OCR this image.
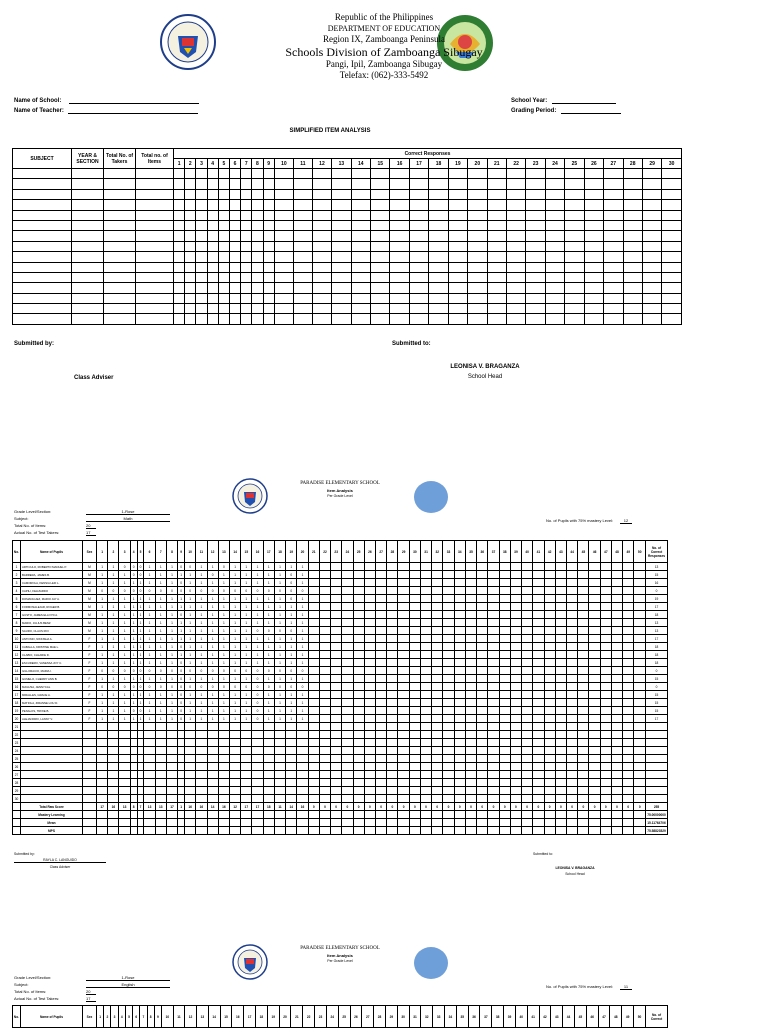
Republic of the Philippines
DEPARTMENT OF EDUCATION
Region IX, Zamboanga Peninsula
Schools Division of Zamboanga Sibugay
Pangi, Ipil, Zamboanga Sibugay
Telefax: (062)-333-5492
Name of School:
Name of Teacher:
School Year:
Grading Period:
SIMPLIFIED ITEM ANALYSIS
SUBJECT	YEAR & SECTION	Total No. of Takers	Total no. of Items	Correct Responses																													
				1	2	3	4	5	6	7	8	9	10	11	12	13	14	15	16	17	18	19	20	21	22	23	24	25	26	27	28	29	30

Submitted by:	Submitted to:
LEONISA V. BRAGANZA
School Head
Class Adviser
PARADISE ELEMENTARY SCHOOL
Item Analysis
Per Grade Level
Grade Level/Section:	1-Rose
Subject:	Math
Total No. of Items:	20
Actual No. of Test Takers:	17
No. of Pupils with 75% mastery Level:	12
No.	Name of Pupils	Sex	1	2	3	4	5	6	7	8	9	10	11	12	13	14	15	16	17	18	19	20	21	22	23	24	25	26	27	28	29	30	31	32	33	34	35	36	37	38	39	40	41	42	43	44	45	46	47	48	49	50	No. of Correct Responses
1	ARTICULO, ROBERTO MANUEL P.	M	1	1	0	0	0	1	1	1	0	0	1	1	0	1	1	1	1	1	1	1																															13
2	BARRERA, JAMES B.	M	1	1	1	0	0	1	1	1	1	1	1	0	1	1	1	1	1	1	0	1																															15
3	CAMOROLA, KENSIA LEIF L.	M	1	1	1	1	1	1	1	1	0	1	1	1	1	1	1	1	1	1	0	1																															16
4	CAPILI, FELIZARDO	M	0	0	0	0	0	0	0	0	0	0	0	0	0	0	0	0	0	0	0	0																															0
5	DOMANGUEZ, MARIO JAY A.	M	1	1	1	1	1	1	1	1	1	1	1	1	1	1	1	1	1	1	0	1																															19
6	FORMOSALEJAR, ROGER B.	M	1	1	1	1	1	1	1	1	1	1	1	1	1	1	1	1	1	1	1	1																															17
7	GUSTO, JAMES ELLOYD A.	M	1	1	1	1	1	1	1	1	0	1	1	1	1	1	1	1	1	1	1	1																															18
8	MARIO, JULIUS BENZ	M	1	1	1	1	1	1	1	1	1	1	1	1	1	1	1	1	1	1	1	1																															13
9	SAURO, CLAUS ROI	M	1	1	1	1	1	1	1	1	1	1	1	1	1	1	1	0	0	0	0	1																															13
10	ANTONIO, NIKKISHA A.	F	1	1	1	1	1	1	1	1	1	1	1	1	1	1	1	1	1	1	1	1																															17
11	CABALLA, KRISTINE MAE L.	F	1	1	1	1	1	1	1	1	0	1	1	1	1	1	1	1	1	1	1	1																															18
12	CLABIO, CHLARIE D.	F	1	1	1	1	1	1	1	1	1	1	1	1	1	1	1	1	1	1	1	1																															18
13	ESCUDERO, VANESSA JOY C.	F	1	1	1	1	1	1	1	1	0	1	1	1	1	1	1	1	1	1	1	1																															18
14	GILLORACIO, MARIA I.	F	0	0	0	0	0	0	0	0	0	0	0	0	0	0	0	0	0	0	0	0																															0
15	GUMELO, CHERRY ANN B.	F	1	1	1	1	1	1	1	1	0	1	1	1	1	1	1	0	1	1	1	1																															15
16	MAGUSA, JENNYCAL	F	0	0	0	0	0	0	0	0	0	0	0	0	0	0	0	0	0	0	0	0																															0
17	MIRALLES, GRACE A.	F	1	1	1	1	1	1	1	1	0	1	1	1	1	1	1	0	1	1	1	1																															15
18	MATIOLA, ZIRANNE LOU D.	F	1	1	1	1	1	1	1	1	0	1	1	1	1	1	1	0	1	1	1	1																															15
19	PENALOS, TRIXIE B.	F	1	1	1	0	0	1	1	1	0	1	1	1	1	1	1	0	1	1	1	1																															15
20	ALEJANDRO, LANNY V.	F	1	1	1	1	1	1	1	1	0	1	1	1	1	1	1	0	1	1	1	1																															17
21																																																					
22																																																					
23																																																					
24																																																					
25																																																					
26																																																					
27																																																					
28																																																					
29																																																					
30																																																					
	Total Raw Score		17	16	13	8	7	13	13	17	1	16	16	14	16	12	17	17	18	11	14	16	0	0	0	0	0	0	0	0	0	0	0	0	0	0	0	0	0	0	0	0	0	0	0	0	0	0	0	0	0	0	255
	Mastery Learning																																																				75.00000000
	Mean																																																				15.11764706
	MPS																																																				75.58823529
Submitted by:
RAYLA C. LANGUIDO
Class Adviser
Submitted to:
LEONISA V. BRAGANZA
School Head
PARADISE ELEMENTARY SCHOOL
Item Analysis
Per Grade Level
Grade Level/Section:	1-Rose
Subject:	English
Total No. of Items:	20
Actual No. of Test Takers:	17
No. of Pupils with 75% mastery Level:	11
No.	Name of Pupils	Sex	1	2	3	4	5	6	7	8	9	10	11	12	13	14	15	16	17	18	19	20	21	22	23	24	25	26	27	28	29	30	31	32	33	34	35	36	37	38	39	40	41	42	43	44	45	46	47	48	49	50	No. of Correct
